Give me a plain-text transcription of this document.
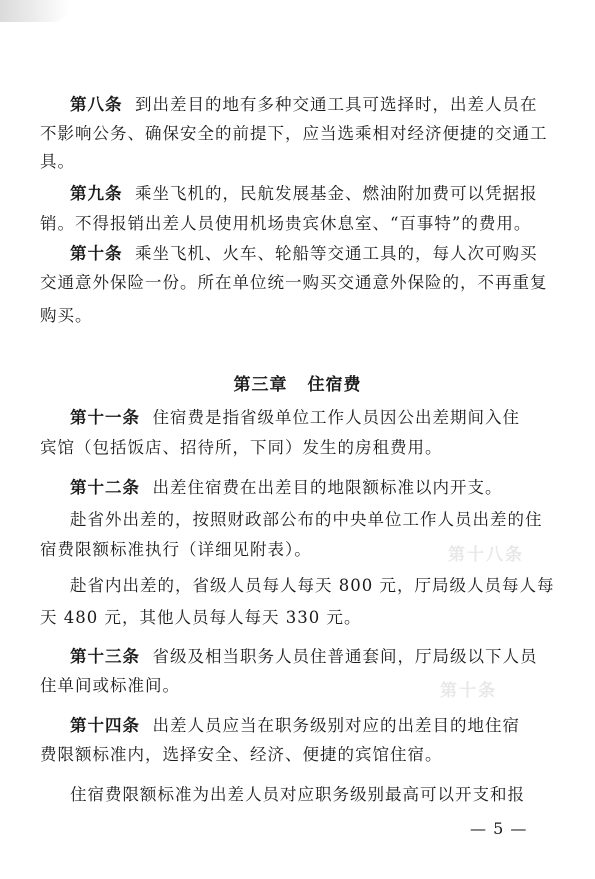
第十八条
第十条
第八条 到出差目的地有多种交通工具可选择时，出差人员在
不影响公务、确保安全的前提下，应当选乘相对经济便捷的交通工
具。
第九条 乘坐飞机的，民航发展基金、燃油附加费可以凭据报
销。不得报销出差人员使用机场贵宾休息室、“百事特”的费用。
第十条 乘坐飞机、火车、轮船等交通工具的，每人次可购买
交通意外保险一份。所在单位统一购买交通意外保险的，不再重复
购买。
第三章 住宿费
第十一条 住宿费是指省级单位工作人员因公出差期间入住
宾馆（包括饭店、招待所，下同）发生的房租费用。
第十二条 出差住宿费在出差目的地限额标准以内开支。
赴省外出差的，按照财政部公布的中央单位工作人员出差的住
宿费限额标准执行（详细见附表）。
赴省内出差的，省级人员每人每天 800 元，厅局级人员每人每
天 480 元，其他人员每人每天 330 元。
第十三条 省级及相当职务人员住普通套间，厅局级以下人员
住单间或标准间。
第十四条 出差人员应当在职务级别对应的出差目的地住宿
费限额标准内，选择安全、经济、便捷的宾馆住宿。
住宿费限额标准为出差人员对应职务级别最高可以开支和报
— 5 —
